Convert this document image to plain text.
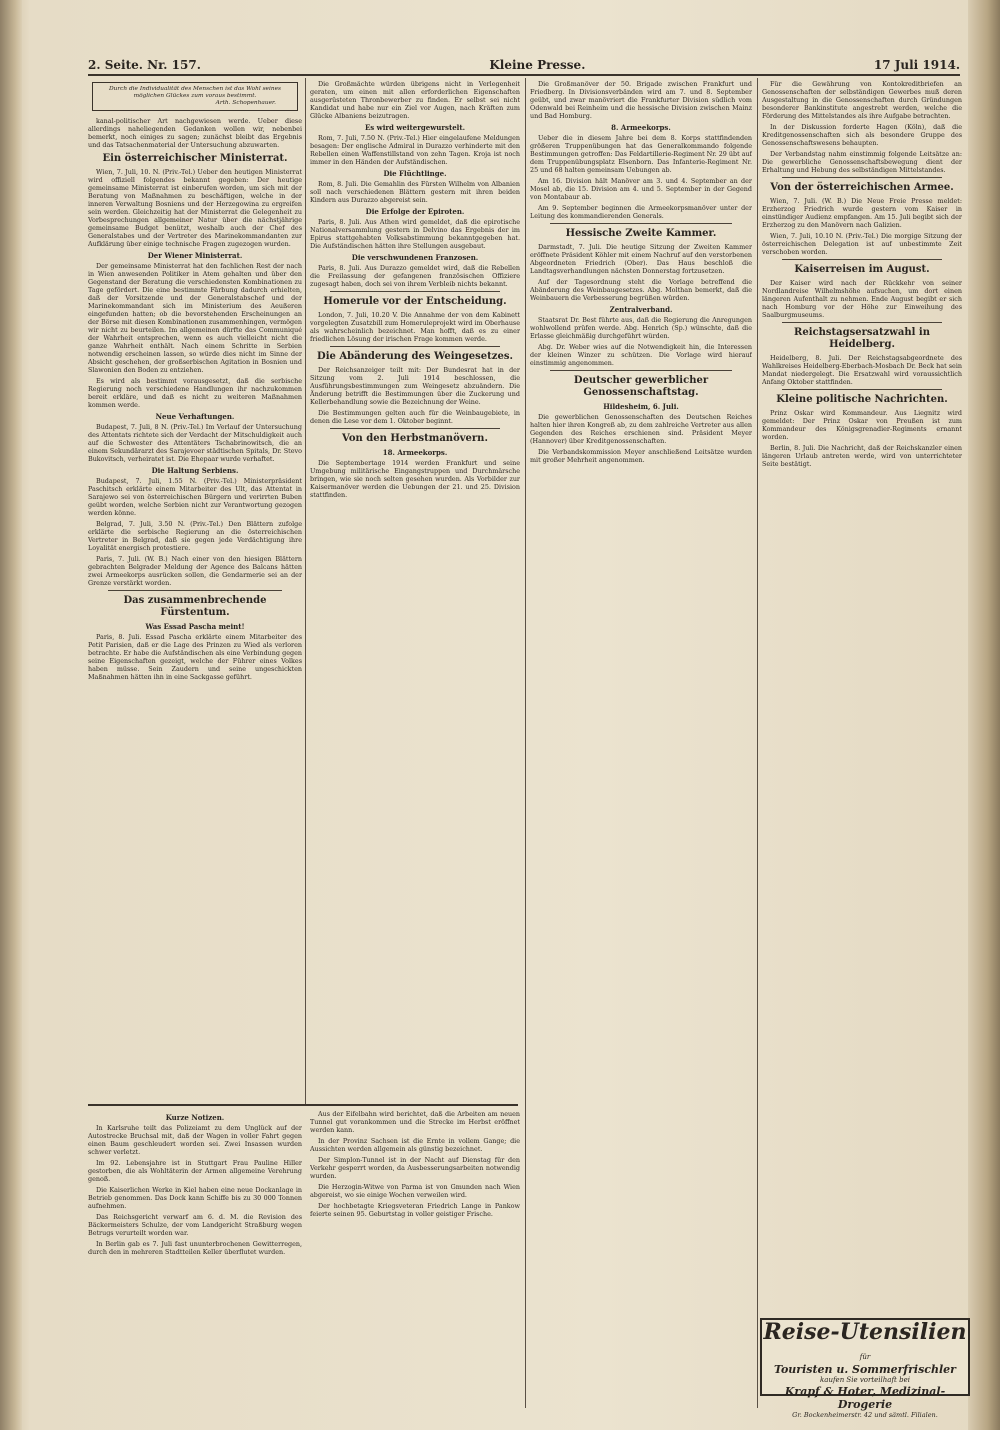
2. Seite. Nr. 157.	Kleine Presse.	17 Juli 1914.
Durch die Individualität des Menschen ist das Wohl seines möglichen Glückes zum voraus bestimmt.
Arth. Schopenhauer.

kanal-politischer Art nachgewiesen werde. Ueber diese allerdings naheliegenden Gedanken wollen wir, nebenbei bemerkt, noch einiges zu sagen; zunächst bleibt das Ergebnis und das Tatsachenmaterial der Untersuchung abzuwarten.

Ein österreichischer Ministerrat.

Wien, 7. Juli, 10. N. (Priv.-Tel.) Ueber den heutigen Ministerrat wird offiziell folgendes bekannt gegeben: Der heutige gemeinsame Ministerrat ist einberufen worden, um sich mit der Beratung von Maßnahmen zu beschäftigen, welche in der inneren Verwaltung Bosniens und der Herzegowina zu ergreifen sein werden. Gleichzeitig hat der Ministerrat die Gelegenheit zu Vorbesprechungen allgemeiner Natur über die nächstjährige gemeinsame Budget benützt, weshalb auch der Chef des Generalstabes und der Vertreter des Marinekommandanten zur Aufklärung über einige technische Fragen zugezogen wurden.

Der Wiener Ministerrat.

Der gemeinsame Ministerrat hat den fachlichen Rest der nach in Wien anwesenden Politiker in Atem gehalten und über den Gegenstand der Beratung die verschiedensten Kombinationen zu Tage gefördert. Die eine bestimmte Färbung dadurch erhielten, daß der Vorsitzende und der Generalstabschef und der Marinekommandant sich im Ministerium des Aeußeren eingefunden hatten; ob die bevorstehenden Erscheinungen an der Börse mit diesen Kombinationen zusammenhingen, vermögen wir nicht zu beurteilen. Im allgemeinen dürfte das Communiqué der Wahrheit entsprechen, wenn es auch vielleicht nicht die ganze Wahrheit enthält. Nach einem Schritte in Serbien notwendig erscheinen lassen, so würde dies nicht im Sinne der Absicht geschehen, der großserbischen Agitation in Bosnien und Slawonien den Boden zu entziehen.

Es wird als bestimmt vorausgesetzt, daß die serbische Regierung noch verschiedene Handlungen ihr nachzukommen bereit erkläre, und daß es nicht zu weiteren Maßnahmen kommen werde.

Neue Verhaftungen.

Budapest, 7. Juli, 8 N. (Priv.-Tel.) Im Verlauf der Untersuchung des Attentats richtete sich der Verdacht der Mitschuldigkeit auch auf die Schwester des Attentäters Tschabrinowitsch, die an einem Sekundärarzt des Sarajevoer städtischen Spitals, Dr. Stevo Bukovitsch, verheiratet ist. Die Ehepaar wurde verhaftet.

Die Haltung Serbiens.

Budapest, 7. Juli, 1.55 N. (Priv.-Tel.) Ministerpräsident Paschitsch erklärte einem Mitarbeiter des Ult, das Attentat in Sarajewo sei von österreichischen Bürgern und verirrten Buben geübt worden, welche Serbien nicht zur Verantwortung gezogen werden könne.

Belgrad, 7. Juli, 3.50 N. (Priv.-Tel.) Den Blättern zufolge erklärte die serbische Regierung an die österreichischen Vertreter in Belgrad, daß sie gegen jede Verdächtigung ihre Loyalität energisch protestiere.

Paris, 7. Juli. (W. B.) Nach einer von den hiesigen Blättern gebrachten Belgrader Meldung der Agence des Balcans hätten zwei Armeekorps ausrücken sollen, die Gendarmerie sei an der Grenze verstärkt worden.

Das zusammenbrechende Fürstentum.
Was Essad Pascha meint!

Paris, 8. Juli. Essad Pascha erklärte einem Mitarbeiter des Petit Parisien, daß er die Lage des Prinzen zu Wied als verloren betrachte. Er habe die Aufständischen als eine Verbindung gegen seine Eigenschaften gezeigt, welche der Führer eines Volkes haben müsse. Sein Zaudern und seine ungeschickten Maßnahmen hätten ihn in eine Sackgasse geführt.

Die Großmächte würden übrigens nicht in Verlegenheit geraten, um einen mit allen erforderlichen Eigenschaften ausgerüsteten Thronbewerber zu finden. Er selbst sei nicht Kandidat und habe nur ein Ziel vor Augen, nach Kräften zum Glücke Albaniens beizutragen.

Es wird weitergewurstelt.

Rom, 7. Juli, 7.50 N. (Priv.-Tel.) Hier eingelaufene Meldungen besagen: Der englische Admiral in Durazzo verhinderte mit den Rebellen einen Waffenstillstand von zehn Tagen. Kroja ist noch immer in den Händen der Aufständischen.

Die Flüchtlinge.

Rom, 8. Juli. Die Gemahlin des Fürsten Wilhelm von Albanien soll nach verschiedenen Blättern gestern mit ihren beiden Kindern aus Durazzo abgereist sein.

Die Erfolge der Epiroten.

Paris, 8. Juli. Aus Athen wird gemeldet, daß die epirotische Nationalversammlung gestern in Delvino das Ergebnis der im Epirus stattgehabten Volksabstimmung bekanntgegeben hat. Die Aufständischen hätten ihre Stellungen ausgebaut.

Die verschwundenen Franzosen.

Paris, 8. Juli. Aus Durazzo gemeldet wird, daß die Rebellen die Freilassung der gefangenen französischen Offiziere zugesagt haben, doch sei von ihrem Verbleib nichts bekannt.

Homerule vor der Entscheidung.

London, 7. Juli, 10.20 V. Die Annahme der von dem Kabinett vorgelegten Zusatzbill zum Homeruleprojekt wird im Oberhause als wahrscheinlich bezeichnet. Man hofft, daß es zu einer friedlichen Lösung der irischen Frage kommen werde.

Die Abänderung des Weingesetzes.

Der Reichsanzeiger teilt mit: Der Bundesrat hat in der Sitzung vom 2. Juli 1914 beschlossen, die Ausführungsbestimmungen zum Weingesetz abzuändern. Die Änderung betrifft die Bestimmungen über die Zuckerung und Kellerbehandlung sowie die Bezeichnung der Weine.

Die Bestimmungen gelten auch für die Weinbaugebiete, in denen die Lese vor dem 1. Oktober beginnt.

Von den Herbstmanövern.
18. Armeekorps.

Die Septembertage 1914 werden Frankfurt und seine Umgebung militärische Eingangstruppen und Durchmärsche bringen, wie sie noch selten gesehen wurden. Als Vorbilder zur Kaisermanöver werden die Uebungen der 21. und 25. Division stattfinden.

Die Großmanöver der 50. Brigade zwischen Frankfurt und Friedberg. In Divisionsverbänden wird am 7. und 8. September geübt, und zwar manövriert die Frankfurter Division südlich vom Odenwald bei Reinheim und die hessische Division zwischen Mainz und Bad Homburg.

8. Armeekorps.

Ueber die in diesem Jahre bei dem 8. Korps stattfindenden größeren Truppenübungen hat das Generalkommando folgende Bestimmungen getroffen: Das Feldartillerie-Regiment Nr. 29 übt auf dem Truppenübungsplatz Elsenborn. Das Infanterie-Regiment Nr. 25 und 68 halten gemeinsam Uebungen ab.

Am 16. Division hält Manöver am 3. und 4. September an der Mosel ab, die 15. Division am 4. und 5. September in der Gegend von Montabaur ab.

Am 9. September beginnen die Armeekorpsmanöver unter der Leitung des kommandierenden Generals.

Hessische Zweite Kammer.

Darmstadt, 7. Juli. Die heutige Sitzung der Zweiten Kammer eröffnete Präsident Köhler mit einem Nachruf auf den verstorbenen Abgeordneten Friedrich (Ober). Das Haus beschloß die Landtagsverhandlungen nächsten Donnerstag fortzusetzen.

Auf der Tagesordnung steht die Vorlage betreffend die Abänderung des Weinbaugesetzes. Abg. Molthan bemerkt, daß die Weinbauern die Verbesserung begrüßen würden.

Zentralverband.

Staatsrat Dr. Best führte aus, daß die Regierung die Anregungen wohlwollend prüfen werde. Abg. Henrich (Sp.) wünschte, daß die Erlasse gleichmäßig durchgeführt würden.

Abg. Dr. Weber wies auf die Notwendigkeit hin, die Interessen der kleinen Winzer zu schützen. Die Vorlage wird hierauf einstimmig angenommen.

Deutscher gewerblicher Genossenschaftstag.
Hildesheim, 6. Juli.

Die gewerblichen Genossenschaften des Deutschen Reiches halten hier ihren Kongreß ab, zu dem zahlreiche Vertreter aus allen Gegenden des Reiches erschienen sind. Präsident Meyer (Hannover) über Kreditgenossenschaften.

Die Verbandskommission Meyer anschließend Leitsätze wurden mit großer Mehrheit angenommen.

Für die Gewährung von Kontokreditbriefen an Genossenschaften der selbständigen Gewerbes muß deren Ausgestaltung in die Genossenschaften durch Gründungen besonderer Bankinstitute angestrebt werden, welche die Förderung des Mittelstandes als ihre Aufgabe betrachten.

In der Diskussion forderte Hagen (Köln), daß die Kreditgenossenschaften sich als besondere Gruppe des Genossenschaftswesens behaupten.

Der Verbandstag nahm einstimmig folgende Leitsätze an: Die gewerbliche Genossenschaftsbewegung dient der Erhaltung und Hebung des selbständigen Mittelstandes.

Von der österreichischen Armee.

Wien, 7. Juli. (W. B.) Die Neue Freie Presse meldet: Erzherzog Friedrich wurde gestern vom Kaiser in einstündiger Audienz empfangen. Am 15. Juli begibt sich der Erzherzog zu den Manövern nach Galizien.

Wien, 7. Juli, 10.10 N. (Priv.-Tel.) Die morgige Sitzung der österreichischen Delegation ist auf unbestimmte Zeit verschoben worden.

Kaiserreisen im August.

Der Kaiser wird nach der Rückkehr von seiner Nordlandreise Wilhelmshöhe aufsuchen, um dort einen längeren Aufenthalt zu nehmen. Ende August begibt er sich nach Homburg vor der Höhe zur Einweihung des Saalburgmuseums.

Reichstagsersatzwahl in Heidelberg.

Heidelberg, 8. Juli. Der Reichstagsabgeordnete des Wahlkreises Heidelberg-Eberbach-Mosbach Dr. Beck hat sein Mandat niedergelegt. Die Ersatzwahl wird voraussichtlich Anfang Oktober stattfinden.

Kleine politische Nachrichten.

Prinz Oskar wird Kommandeur. Aus Liegnitz wird gemeldet: Der Prinz Oskar von Preußen ist zum Kommandeur des Königsgrenadier-Regiments ernannt worden.

Berlin, 8. Juli. Die Nachricht, daß der Reichskanzler einen längeren Urlaub antreten werde, wird von unterrichteter Seite bestätigt.

Kurze Notizen.

In Karlsruhe teilt das Polizeiamt zu dem Unglück auf der Autostrecke Bruchsal mit, daß der Wagen in voller Fahrt gegen einen Baum geschleudert worden sei. Zwei Insassen wurden schwer verletzt.

Im 92. Lebensjahre ist in Stuttgart Frau Pauline Hiller gestorben, die als Wohltäterin der Armen allgemeine Verehrung genoß.

Die Kaiserlichen Werke in Kiel haben eine neue Dockanlage in Betrieb genommen. Das Dock kann Schiffe bis zu 30 000 Tonnen aufnehmen.

Das Reichsgericht verwarf am 6. d. M. die Revision des Bäckermeisters Schulze, der vom Landgericht Straßburg wegen Betrugs verurteilt worden war.

In Berlin gab es 7. Juli fast ununterbrochenen Gewitterregen, durch den in mehreren Stadtteilen Keller überflutet wurden.

Aus der Eifelbahn wird berichtet, daß die Arbeiten am neuen Tunnel gut vorankommen und die Strecke im Herbst eröffnet werden kann.

In der Provinz Sachsen ist die Ernte in vollem Gange; die Aussichten werden allgemein als günstig bezeichnet.

Der Simplon-Tunnel ist in der Nacht auf Dienstag für den Verkehr gesperrt worden, da Ausbesserungsarbeiten notwendig wurden.

Die Herzogin-Witwe von Parma ist von Gmunden nach Wien abgereist, wo sie einige Wochen verweilen wird.

Der hochbetagte Kriegsveteran Friedrich Lange in Pankow feierte seinen 95. Geburtstag in voller geistiger Frische.

Reise-Utensilien für
Touristen u. Sommerfrischler
kaufen Sie vorteilhaft bei
Krapf & Hoter, Medizinal-Drogerie
Gr. Bockenheimerstr. 42 und sämtl. Filialen.
